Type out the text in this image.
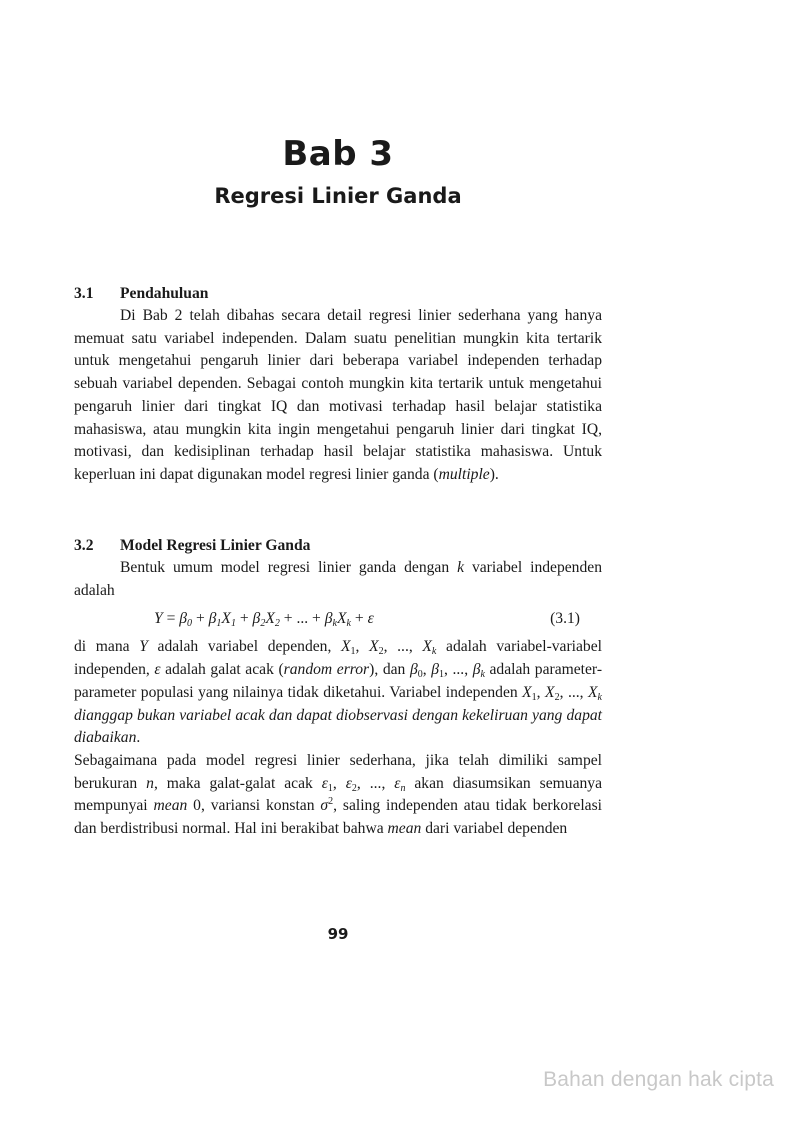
Bab 3
Regresi Linier Ganda
3.1	Pendahuluan

Di Bab 2 telah dibahas secara detail regresi linier sederhana yang hanya memuat satu variabel independen. Dalam suatu penelitian mungkin kita tertarik untuk mengetahui pengaruh linier dari beberapa variabel independen terhadap sebuah variabel dependen. Sebagai contoh mungkin kita tertarik untuk mengetahui pengaruh linier dari tingkat IQ dan motivasi terhadap hasil belajar statistika mahasiswa, atau mungkin kita ingin mengetahui pengaruh linier dari tingkat IQ, motivasi, dan kedisiplinan terhadap hasil belajar statistika mahasiswa. Untuk keperluan ini dapat digunakan model regresi linier ganda (multiple).

3.2	Model Regresi Linier Ganda

Bentuk umum model regresi linier ganda dengan k variabel independen adalah

$Y = \beta_0 + \beta_1X_1 + \beta_2X_2$ + ... + $\beta_kX_k + \varepsilon$	(3.1)

di mana Y adalah variabel dependen, $X_1$, $X_2$, ..., $X_k$ adalah variabel-variabel independen, ε adalah galat acak (random error), dan $\beta_0$, $\beta_1$, ..., $\beta_k$ adalah parameter-parameter populasi yang nilainya tidak diketahui. Variabel independen $X_1$, $X_2$, ..., $X_k$ dianggap bukan variabel acak dan dapat diobservasi dengan kekeliruan yang dapat diabaikan.

Sebagaimana pada model regresi linier sederhana, jika telah dimiliki sampel berukuran n, maka galat-galat acak $\varepsilon_1$, $\varepsilon_2$, ..., $\varepsilon_n$ akan diasumsikan semuanya mempunyai mean 0, variansi konstan $\sigma^2$, saling independen atau tidak berkorelasi dan berdistribusi normal. Hal ini berakibat bahwa mean dari variabel dependen

99
Bahan dengan hak cipta
